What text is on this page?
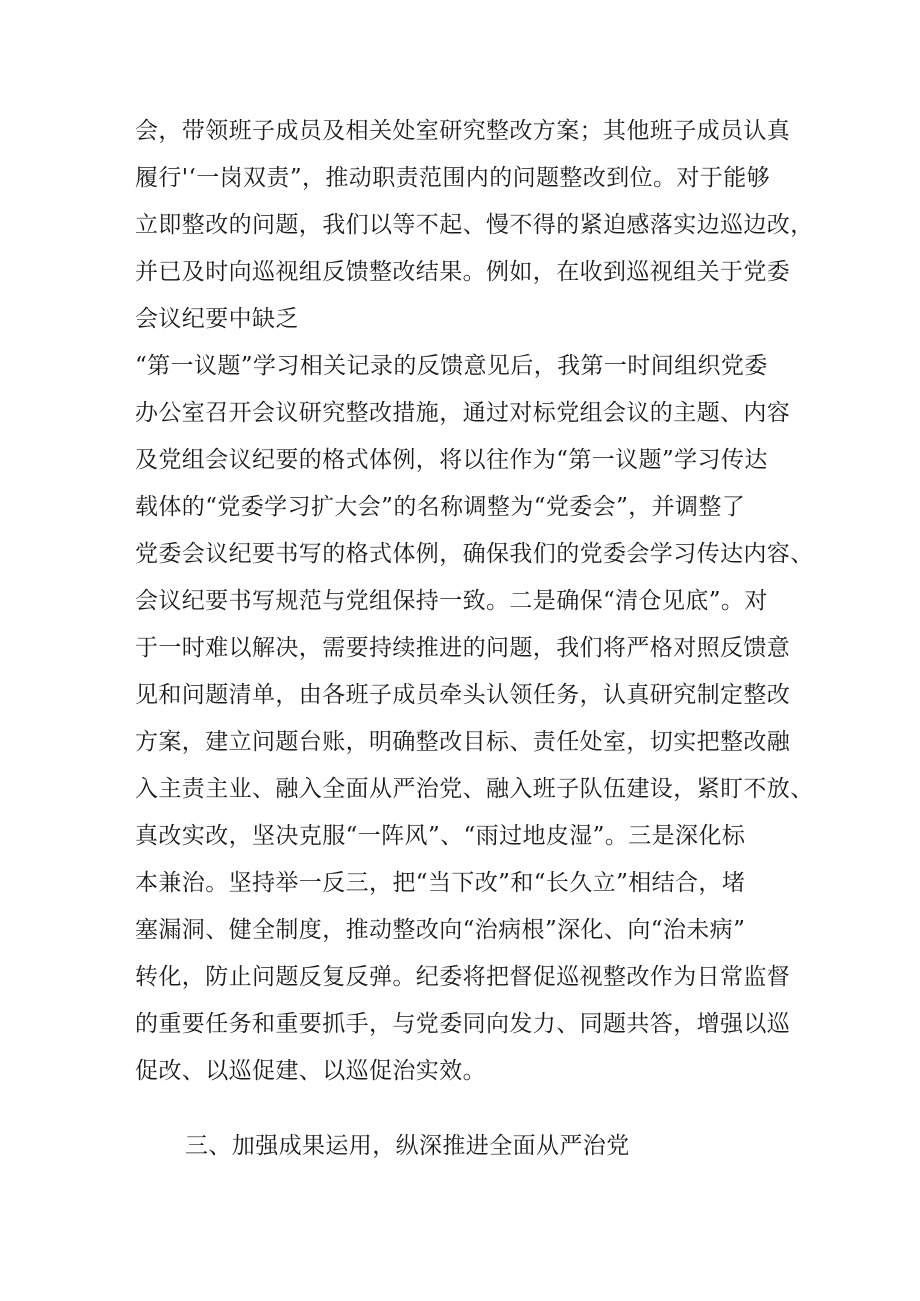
会，带领班子成员及相关处室研究整改方案；其他班子成员认真
履行'‘一岗双责”，推动职责范围内的问题整改到位。对于能够
立即整改的问题，我们以等不起、慢不得的紧迫感落实边巡边改，
并已及时向巡视组反馈整改结果。例如，在收到巡视组关于党委
会议纪要中缺乏
“第一议题”学习相关记录的反馈意见后，我第一时间组织党委
办公室召开会议研究整改措施，通过对标党组会议的主题、内容
及党组会议纪要的格式体例，将以往作为“第一议题”学习传达
载体的“党委学习扩大会”的名称调整为“党委会”，并调整了
党委会议纪要书写的格式体例，确保我们的党委会学习传达内容、
会议纪要书写规范与党组保持一致。二是确保“清仓见底”。对
于一时难以解决，需要持续推进的问题，我们将严格对照反馈意
见和问题清单，由各班子成员牵头认领任务，认真研究制定整改
方案，建立问题台账，明确整改目标、责任处室，切实把整改融
入主责主业、融入全面从严治党、融入班子队伍建设，紧盯不放、
真改实改，坚决克服“一阵风”、“雨过地皮湿”。三是深化标
本兼治。坚持举一反三，把“当下改”和“长久立”相结合，堵
塞漏洞、健全制度，推动整改向“治病根”深化、向“治未病”
转化，防止问题反复反弹。纪委将把督促巡视整改作为日常监督
的重要任务和重要抓手，与党委同向发力、同题共答，增强以巡
促改、以巡促建、以巡促治实效。
三、加强成果运用，纵深推进全面从严治党
